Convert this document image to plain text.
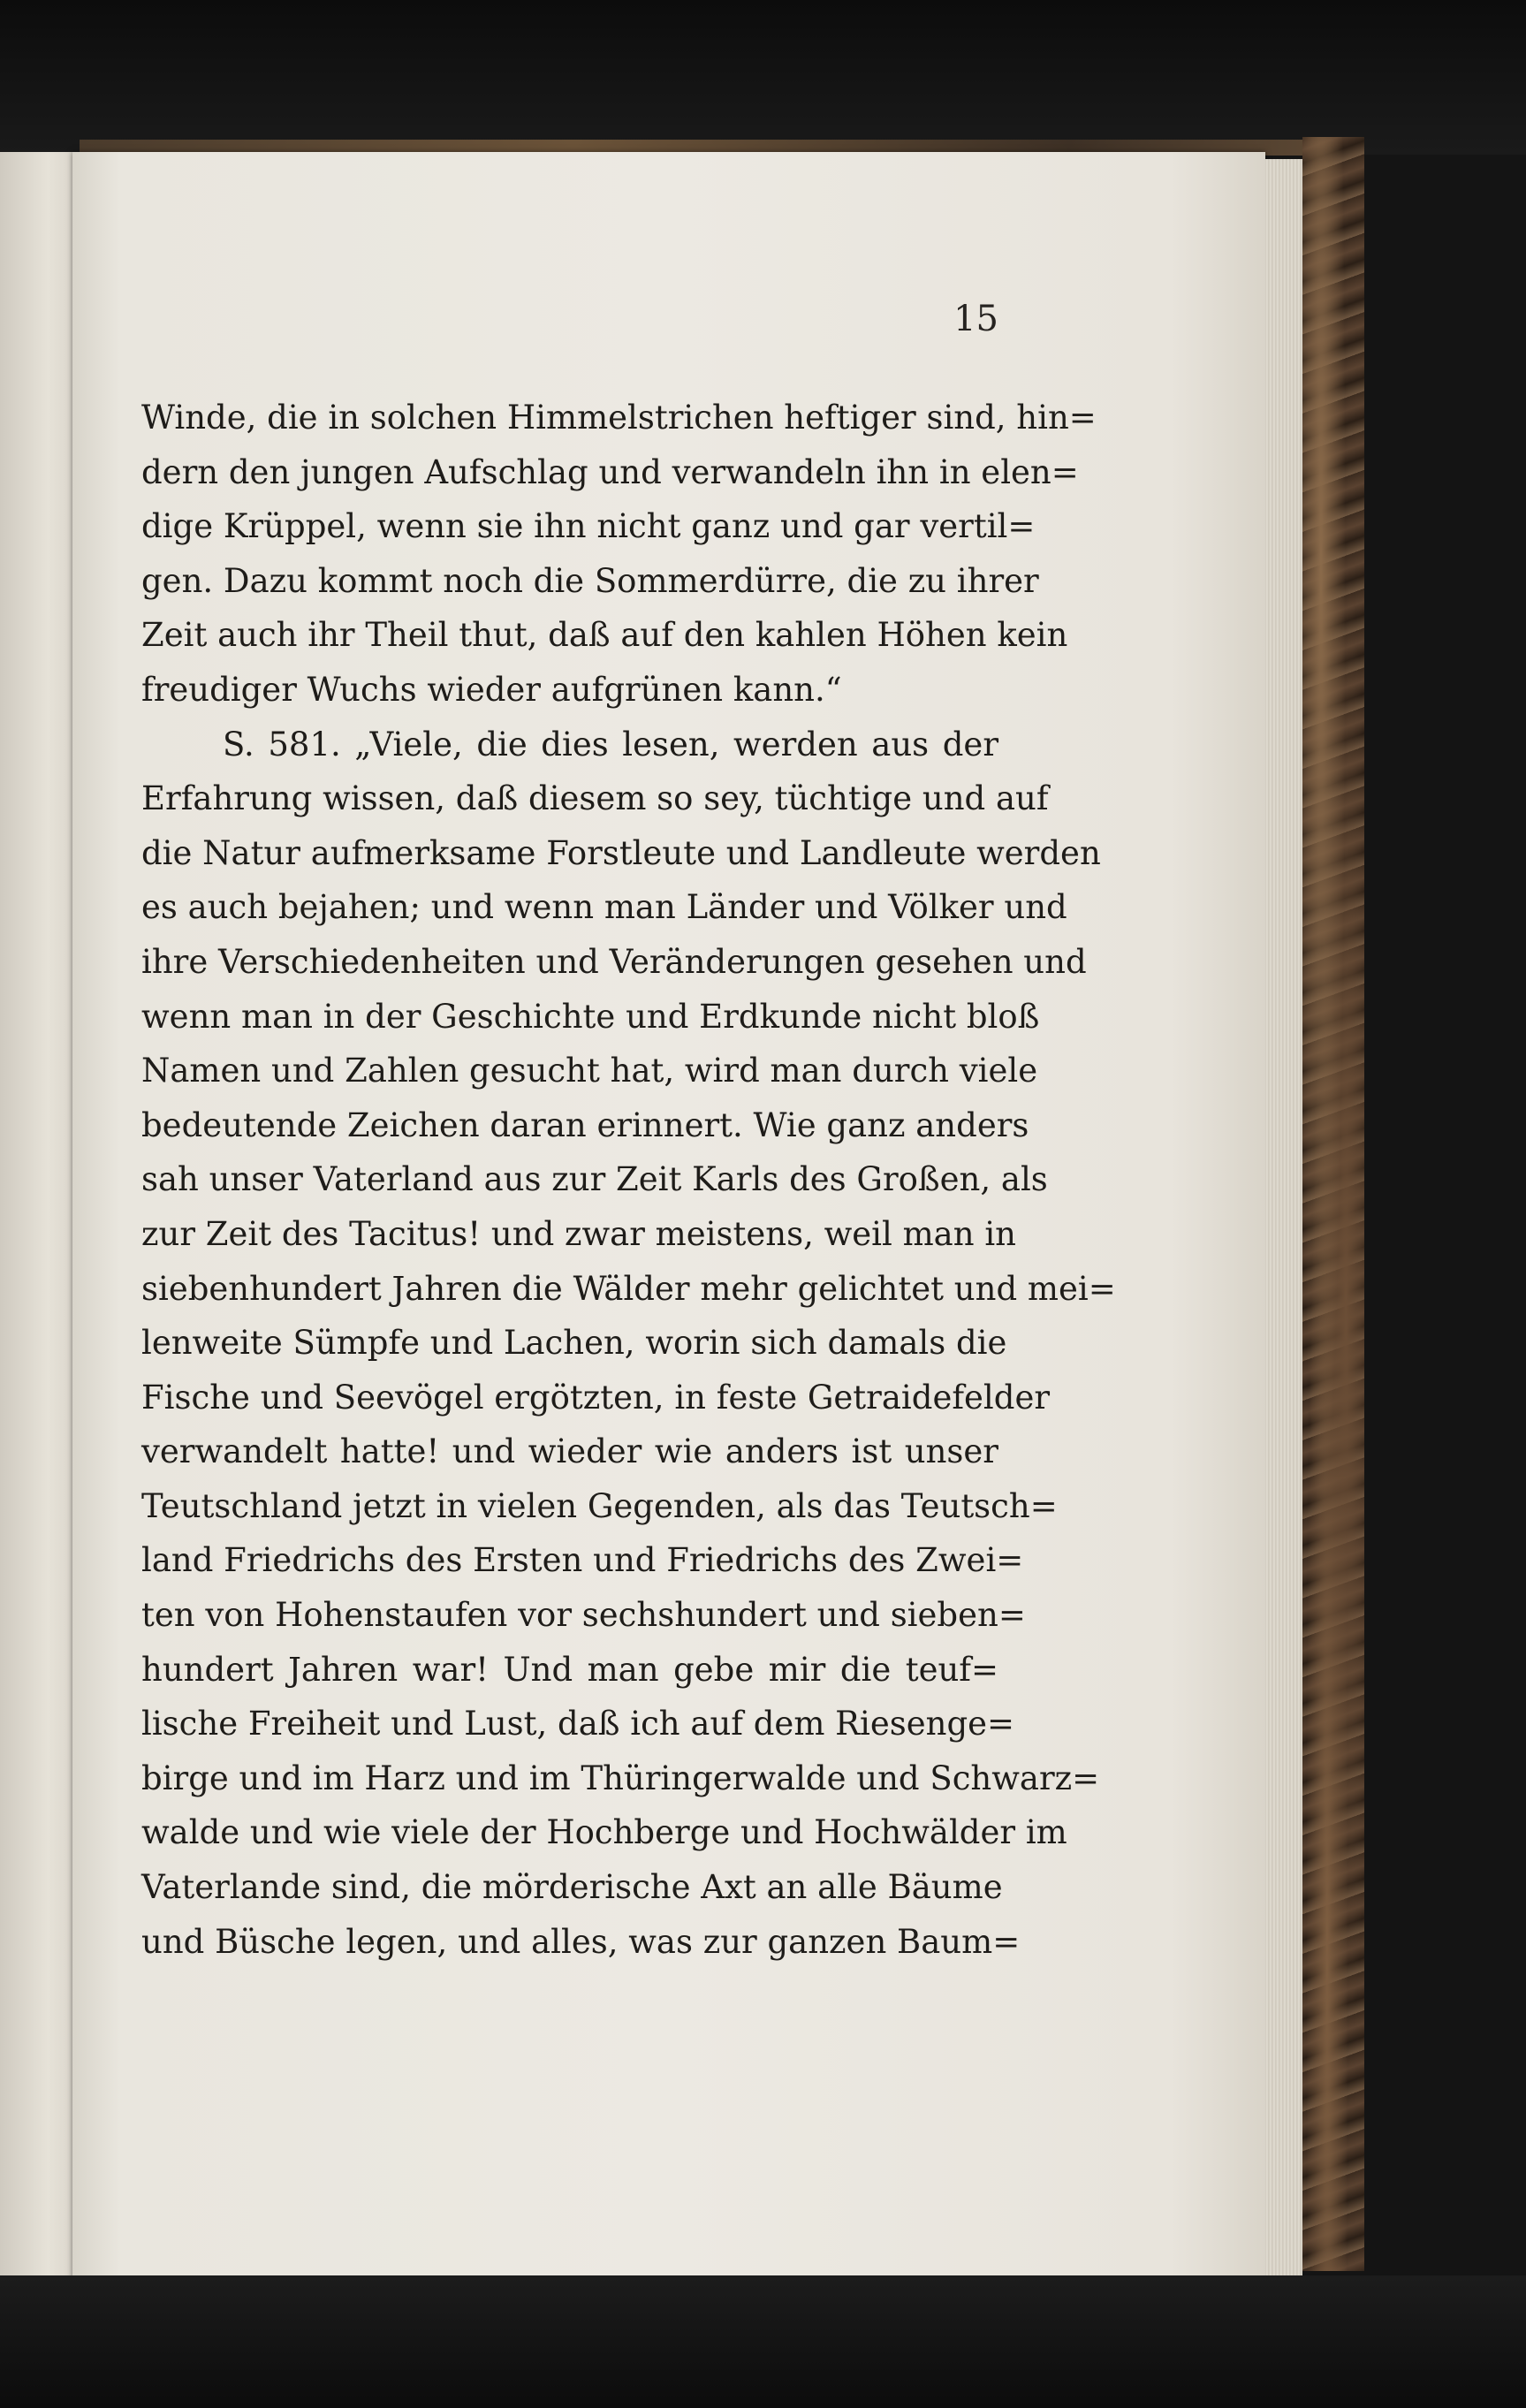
15
Winde, die in solchen Himmelstrichen heftiger sind, hin=
dern den jungen Aufschlag und verwandeln ihn in elen=
dige Krüppel, wenn sie ihn nicht ganz und gar vertil=
gen. Dazu kommt noch die Sommerdürre, die zu ihrer
Zeit auch ihr Theil thut, daß auf den kahlen Höhen kein
freudiger Wuchs wieder aufgrünen kann.“
S. 581. „Viele, die dies lesen, werden aus der
Erfahrung wissen, daß diesem so sey, tüchtige und auf
die Natur aufmerksame Forstleute und Landleute werden
es auch bejahen; und wenn man Länder und Völker und
ihre Verschiedenheiten und Veränderungen gesehen und
wenn man in der Geschichte und Erdkunde nicht bloß
Namen und Zahlen gesucht hat, wird man durch viele
bedeutende Zeichen daran erinnert. Wie ganz anders
sah unser Vaterland aus zur Zeit Karls des Großen, als
zur Zeit des Tacitus! und zwar meistens, weil man in
siebenhundert Jahren die Wälder mehr gelichtet und mei=
lenweite Sümpfe und Lachen, worin sich damals die
Fische und Seevögel ergötzten, in feste Getraidefelder
verwandelt hatte! und wieder wie anders ist unser
Teutschland jetzt in vielen Gegenden, als das Teutsch=
land Friedrichs des Ersten und Friedrichs des Zwei=
ten von Hohenstaufen vor sechshundert und sieben=
hundert Jahren war! Und man gebe mir die teuf=
lische Freiheit und Lust, daß ich auf dem Riesenge=
birge und im Harz und im Thüringerwalde und Schwarz=
walde und wie viele der Hochberge und Hochwälder im
Vaterlande sind, die mörderische Axt an alle Bäume
und Büsche legen, und alles, was zur ganzen Baum=
